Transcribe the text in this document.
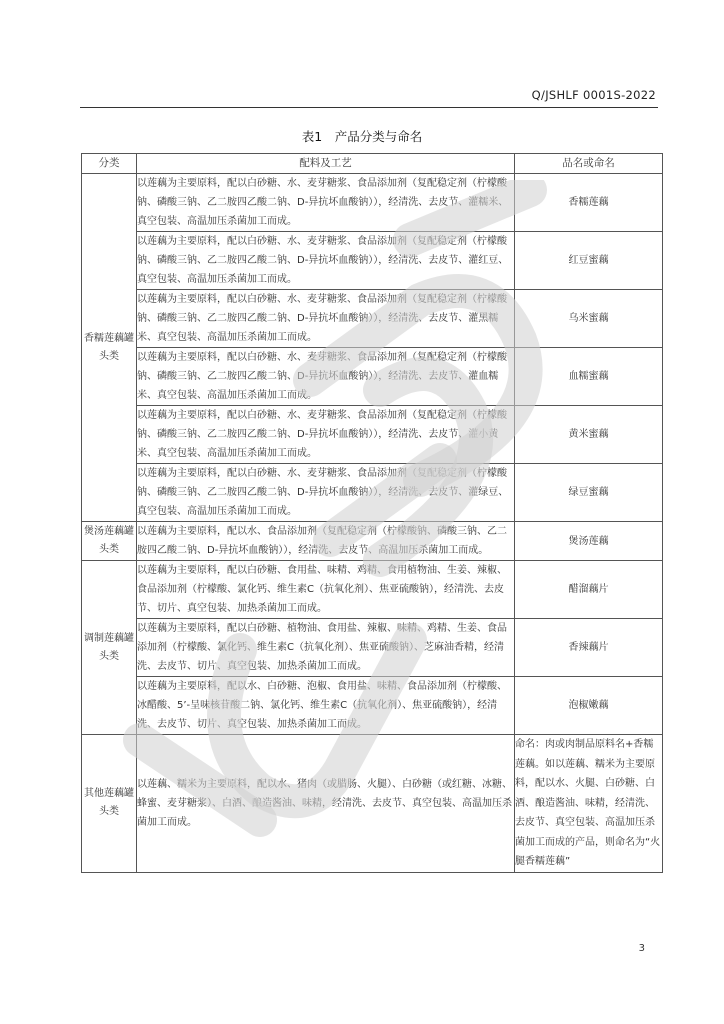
Q/JSHLF 0001S-2022
表1　产品分类与命名
分类	配料及工艺	品名或命名
香糯莲藕罐头类	以莲藕为主要原料，配以白砂糖、水、麦芽糖浆、食品添加剂（复配稳定剂（柠檬酸钠、磷酸三钠、乙二胺四乙酸二钠、D-异抗坏血酸钠）），经清洗、去皮节、灌糯米、真空包装、高温加压杀菌加工而成。	香糯莲藕
	以莲藕为主要原料，配以白砂糖、水、麦芽糖浆、食品添加剂（复配稳定剂（柠檬酸钠、磷酸三钠、乙二胺四乙酸二钠、D-异抗坏血酸钠）），经清洗、去皮节、灌红豆、真空包装、高温加压杀菌加工而成。	红豆蜜藕
	以莲藕为主要原料，配以白砂糖、水、麦芽糖浆、食品添加剂（复配稳定剂（柠檬酸钠、磷酸三钠、乙二胺四乙酸二钠、D-异抗坏血酸钠）），经清洗、去皮节、灌黑糯米、真空包装、高温加压杀菌加工而成。	乌米蜜藕
	以莲藕为主要原料，配以白砂糖、水、麦芽糖浆、食品添加剂（复配稳定剂（柠檬酸钠、磷酸三钠、乙二胺四乙酸二钠、D-异抗坏血酸钠）），经清洗、去皮节、灌血糯米、真空包装、高温加压杀菌加工而成。	血糯蜜藕
	以莲藕为主要原料，配以白砂糖、水、麦芽糖浆、食品添加剂（复配稳定剂（柠檬酸钠、磷酸三钠、乙二胺四乙酸二钠、D-异抗坏血酸钠）），经清洗、去皮节、灌小黄米、真空包装、高温加压杀菌加工而成。	黄米蜜藕
	以莲藕为主要原料，配以白砂糖、水、麦芽糖浆、食品添加剂（复配稳定剂（柠檬酸钠、磷酸三钠、乙二胺四乙酸二钠、D-异抗坏血酸钠）），经清洗、去皮节、灌绿豆、真空包装、高温加压杀菌加工而成。	绿豆蜜藕
煲汤莲藕罐头类	以莲藕为主要原料，配以水、食品添加剂（复配稳定剂（柠檬酸钠、磷酸三钠、乙二胺四乙酸二钠、D-异抗坏血酸钠）），经清洗、去皮节、高温加压杀菌加工而成。	煲汤莲藕
调制莲藕罐头类	以莲藕为主要原料，配以白砂糖、食用盐、味精、鸡精、食用植物油、生姜、辣椒、食品添加剂（柠檬酸、氯化钙、维生素C（抗氧化剂）、焦亚硫酸钠），经清洗、去皮节、切片、真空包装、加热杀菌加工而成。	醋溜藕片
	以莲藕为主要原料，配以白砂糖、植物油、食用盐、辣椒、味精、鸡精、生姜、食品添加剂（柠檬酸、氯化钙、维生素C（抗氧化剂）、焦亚硫酸钠）、芝麻油香精，经清洗、去皮节、切片、真空包装、加热杀菌加工而成。	香辣藕片
	以莲藕为主要原料，配以水、白砂糖、泡椒、食用盐、味精、食品添加剂（柠檬酸、冰醋酸、5’-呈味核苷酸二钠、氯化钙、维生素C（抗氧化剂）、焦亚硫酸钠），经清洗、去皮节、切片、真空包装、加热杀菌加工而成。	泡椒嫩藕
其他莲藕罐头类	以莲藕、糯米为主要原料，配以水、猪肉（或腊肠、火腿）、白砂糖（或红糖、冰糖、蜂蜜、麦芽糖浆）、白酒、酿造酱油、味精，经清洗、去皮节、真空包装、高温加压杀菌加工而成。	命名：肉或肉制品原料名+香糯莲藕。如以莲藕、糯米为主要原料，配以水、火腿、白砂糖、白酒、酿造酱油、味精，经清洗、去皮节、真空包装、高温加压杀菌加工而成的产品，则命名为“火腿香糯莲藕”
3
